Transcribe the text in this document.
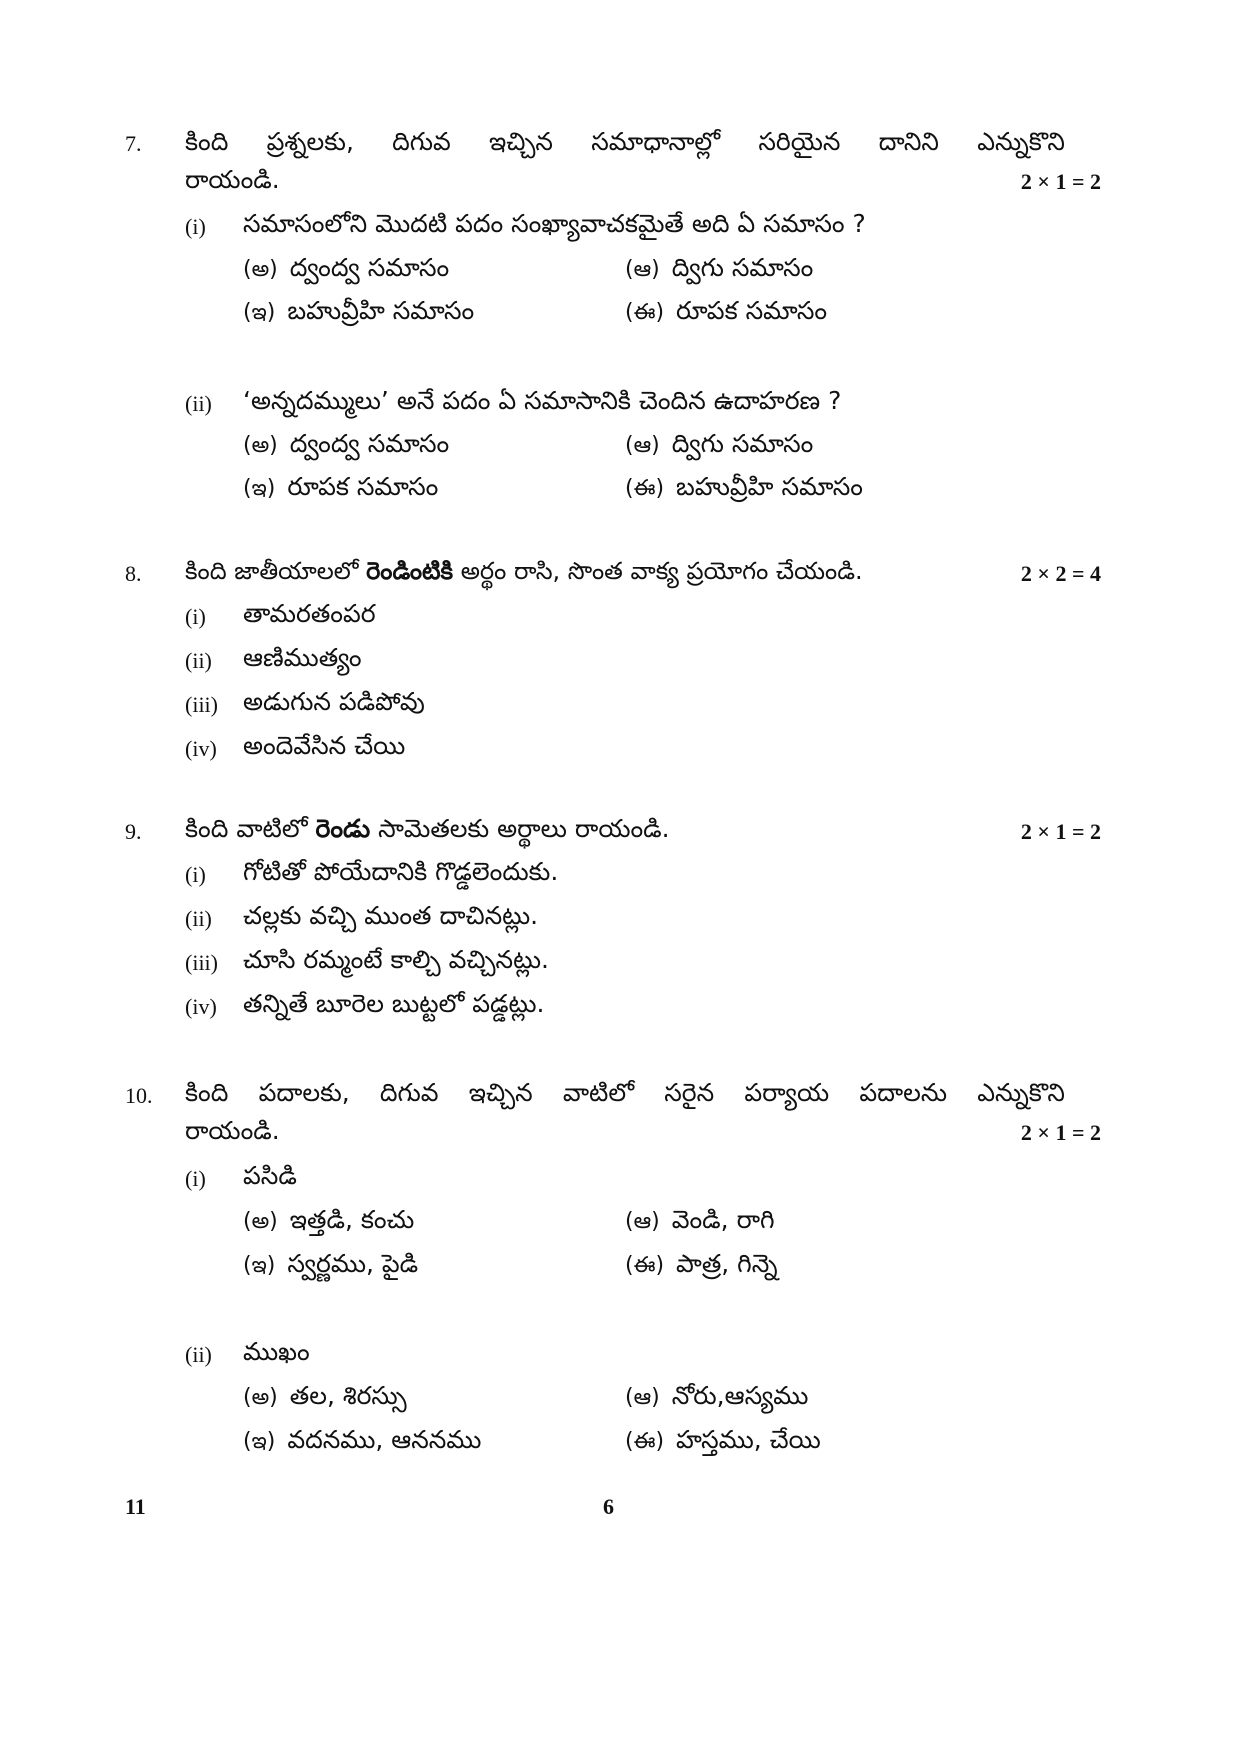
7. కింది ప్రశ్నలకు, దిగువ ఇచ్చిన సమాధానాల్లో సరియైన దానిని ఎన్నుకొని
రాయండి.	2 × 1 = 2
(i) సమాసంలోని మొదటి పదం సంఖ్యావాచకమైతే అది ఏ సమాసం ?
(అ) ద్వంద్వ సమాసం	(ఆ) ద్విగు సమాసం
(ఇ) బహువ్రీహి సమాసం	(ఈ) రూపక సమాసం
(ii) ‘అన్నదమ్ములు’ అనే పదం ఏ సమాసానికి చెందిన ఉదాహరణ ?
(అ) ద్వంద్వ సమాసం	(ఆ) ద్విగు సమాసం
(ఇ) రూపక సమాసం	(ఈ) బహువ్రీహి సమాసం
8. కింది జాతీయాలలో రెండింటికి అర్థం రాసి, సొంత వాక్య ప్రయోగం చేయండి.	2 × 2 = 4
(i) తామరతంపర
(ii) ఆణిముత్యం
(iii) అడుగున పడిపోవు
(iv) అందెవేసిన చేయి
9. కింది వాటిలో రెండు సామెతలకు అర్థాలు రాయండి.	2 × 1 = 2
(i) గోటితో పోయేదానికి గొడ్డలెందుకు.
(ii) చల్లకు వచ్చి ముంత దాచినట్లు.
(iii) చూసి రమ్మంటే కాల్చి వచ్చినట్లు.
(iv) తన్నితే బూరెల బుట్టలో పడ్డట్లు.
10. కింది పదాలకు, దిగువ ఇచ్చిన వాటిలో సరైన పర్యాయ పదాలను ఎన్నుకొని
రాయండి.	2 × 1 = 2
(i) పసిడి
(అ) ఇత్తడి, కంచు	(ఆ) వెండి, రాగి
(ఇ) స్వర్ణము, పైడి	(ఈ) పాత్ర, గిన్నె
(ii) ముఖం
(అ) తల, శిరస్సు	(ఆ) నోరు,ఆస్యము
(ఇ) వదనము, ఆననము	(ఈ) హస్తము, చేయి
11	6
